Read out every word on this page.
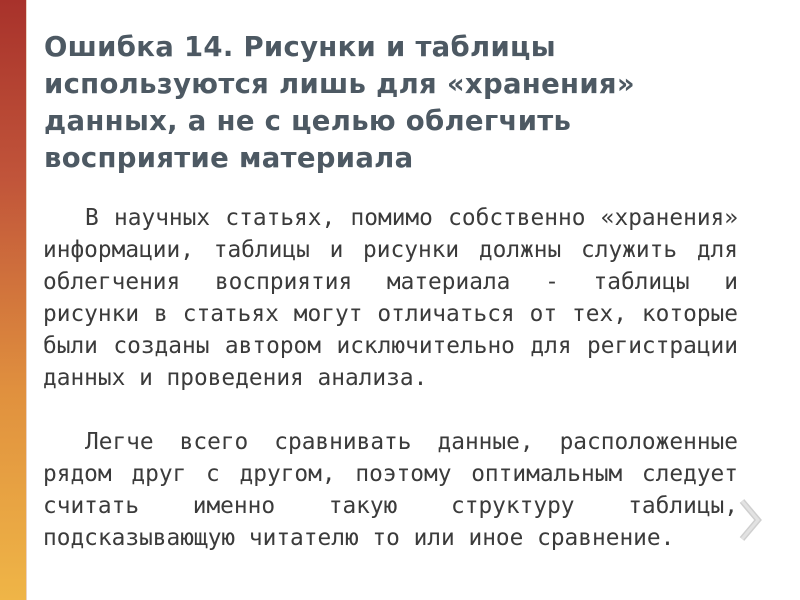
Ошибка 14. Рисунки и таблицы используются лишь для «хранения» данных, а не с целью облегчить восприятие материала

В научных статьях, помимо собственно «хранения» информации, таблицы и рисунки должны служить для облегчения восприятия материала - таблицы и рисунки в статьях могут отличаться от тех, которые были созданы автором исключительно для регистрации данных и проведения анализа.

Легче всего сравнивать данные, расположенные рядом друг с другом, поэтому оптимальным следует считать именно такую структуру таблицы, подсказывающую читателю то или иное сравнение.
